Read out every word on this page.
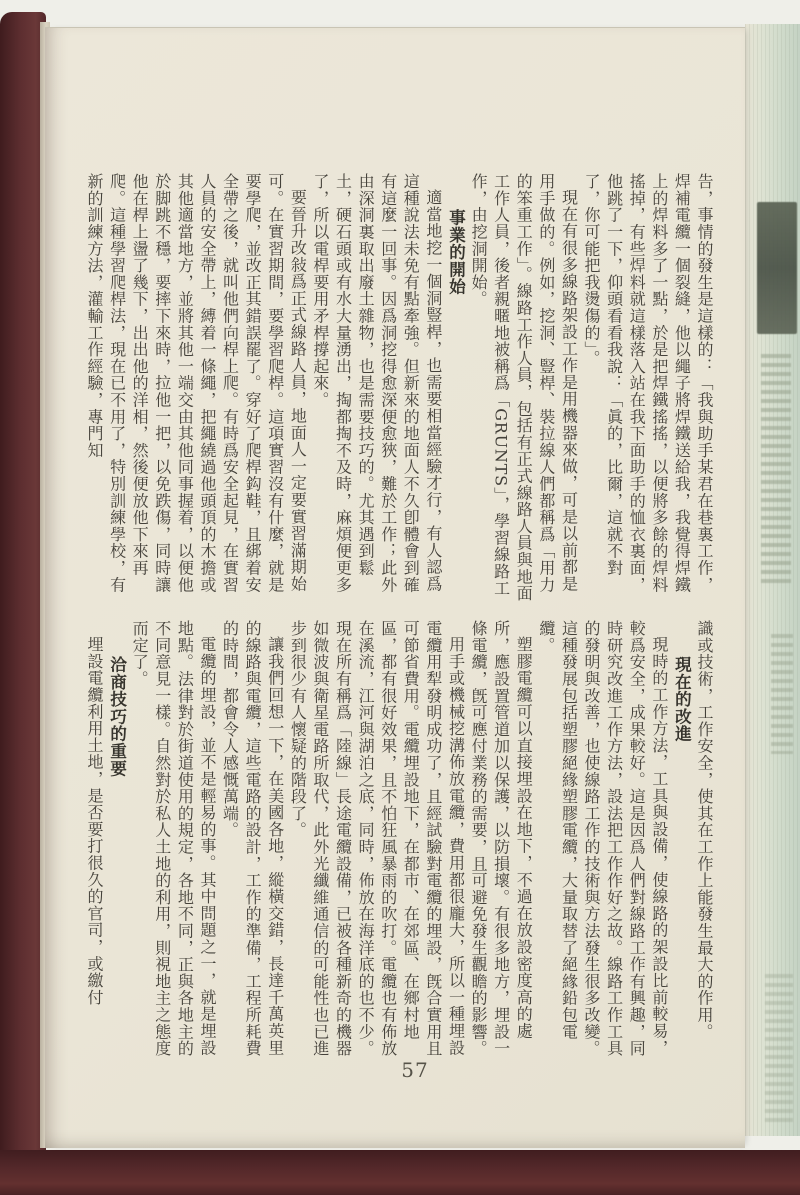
告，事情的發生是這樣的：「我與助手某君在巷裏工作，焊補電纜一個裂縫，他以繩子將焊鐵送給我，我覺得焊鐵上的焊料多了一點，於是把焊鐵搖搖，以便將多餘的焊料搖掉，有些焊料就這樣落入站在我下面助手的恤衣裏面，他跳了一下，仰頭看看我說：「眞的，比爾，這就不對了，你可能把我燙傷的」。

現在有很多線路架設工作是用機器來做，可是以前都是用手做的。例如，挖洞、豎桿、裝拉線人們都稱爲「用力的笨重工作」。線路工作人員，包括有正式線路人員與地面工作人員，後者親暱地被稱爲「GRUNTS」，學習線路工作，由挖洞開始。

事業的開始

適當地挖一個洞豎桿，也需要相當經驗才行，有人認爲這種說法未免有點牽強。但新來的地面人不久卽體會到確有這麼一回事。因爲洞挖得愈深便愈狹，難於工作；此外由深洞裏取出廢土雜物，也是需要技巧的。尤其遇到鬆土，硬石頭或有水大量湧出，掏都掏不及時，麻煩便更多了，所以電桿要用矛桿撐起來。

要晉升改敍爲正式線路人員，地面人一定要實習滿期始可。在實習期間，要學習爬桿。這項實習沒有什麼，就是要學爬，並改正其錯誤罷了。穿好了爬桿鈎鞋，且綁着安全帶之後，就叫他們向桿上爬。有時爲安全起見，在實習人員的安全帶上，縛着一條繩，把繩繞過他頭頂的木擔或其他適當地方，並將其他一端交由其他同事握着，以便他於脚跳不穩，要摔下來時，拉他一把，以免跌傷，同時讓他在桿上盪了幾下，出出他的洋相，然後便放他下來再爬。這種學習爬桿法，現在已不用了，特別訓練學校，有新的訓練方法，灌輸工作經驗，專門知

識或技術，工作安全，使其在工作上能發生最大的作用。

現在的改進

現時的工作方法，工具與設備，使線路的架設比前較易，較爲安全，成果較好。這是因爲人們對線路工作有興趣，同時研究改進工作方法，設法把工作作好之故。線路工作工具的發明與改善，也使線路工作的技術與方法發生很多改變。這種發展包括塑膠絕緣塑膠電纜，大量取替了絕緣鉛包電纜。

塑膠電纜可以直接埋設在地下，不過在放設密度高的處所，應設置管道加以保護，以防損壞。有很多地方，埋設一條電纜，旣可應付業務的需要，且可避免發生觀瞻的影響。

用手或機械挖溝佈放電纜，費用都很龐大，所以一種埋設電纜用犁發明成功了，且經試驗對電纜的埋設，旣合實用且可節省費用。電纜埋設地下，在都市、在郊區、在鄉村地區，都有很好效果，且不怕狂風暴雨的吹打。電纜也有佈放在溪流，江河與湖泊之底，同時，佈放在海洋底的也不少。現在所有稱爲「陸線」長途電纜設備，已被各種新奇的機器如微波與衛星電路所取代，此外光纖維通信的可能性也已進步到很少有人懷疑的階段了。

讓我們回想一下，在美國各地，縱橫交錯，長達千萬英里的線路與電纜，這些電路的設計，工作的準備，工程所耗費的時間，都會令人感慨萬端。

電纜的埋設，並不是輕易的事。其中問題之一，就是埋設地點。法律對於街道使用的規定，各地不同，正與各地主的不同意見一樣。自然對於私人土地的利用，則視地主之態度而定了。

洽商技巧的重要

埋設電纜利用土地，是否要打很久的官司，或繳付

57
